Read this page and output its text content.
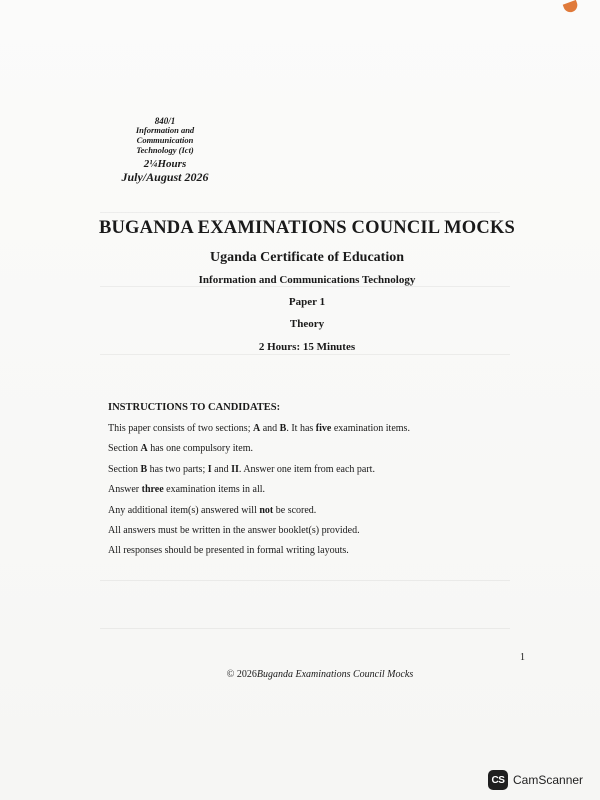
840/1
Information and
Communication
Technology (Ict)
2¼Hours
July/August 2026
BUGANDA EXAMINATIONS COUNCIL MOCKS
Uganda Certificate of Education
Information and Communications Technology
Paper 1
Theory
2 Hours: 15 Minutes
INSTRUCTIONS TO CANDIDATES:
This paper consists of two sections; A and B. It has five examination items.
Section A has one compulsory item.
Section B has two parts; I and II. Answer one item from each part.
Answer three examination items in all.
Any additional item(s) answered will not be scored.
All answers must be written in the answer booklet(s) provided.
All responses should be presented in formal writing layouts.
1
© 2026Buganda Examinations Council Mocks
CS CamScanner
